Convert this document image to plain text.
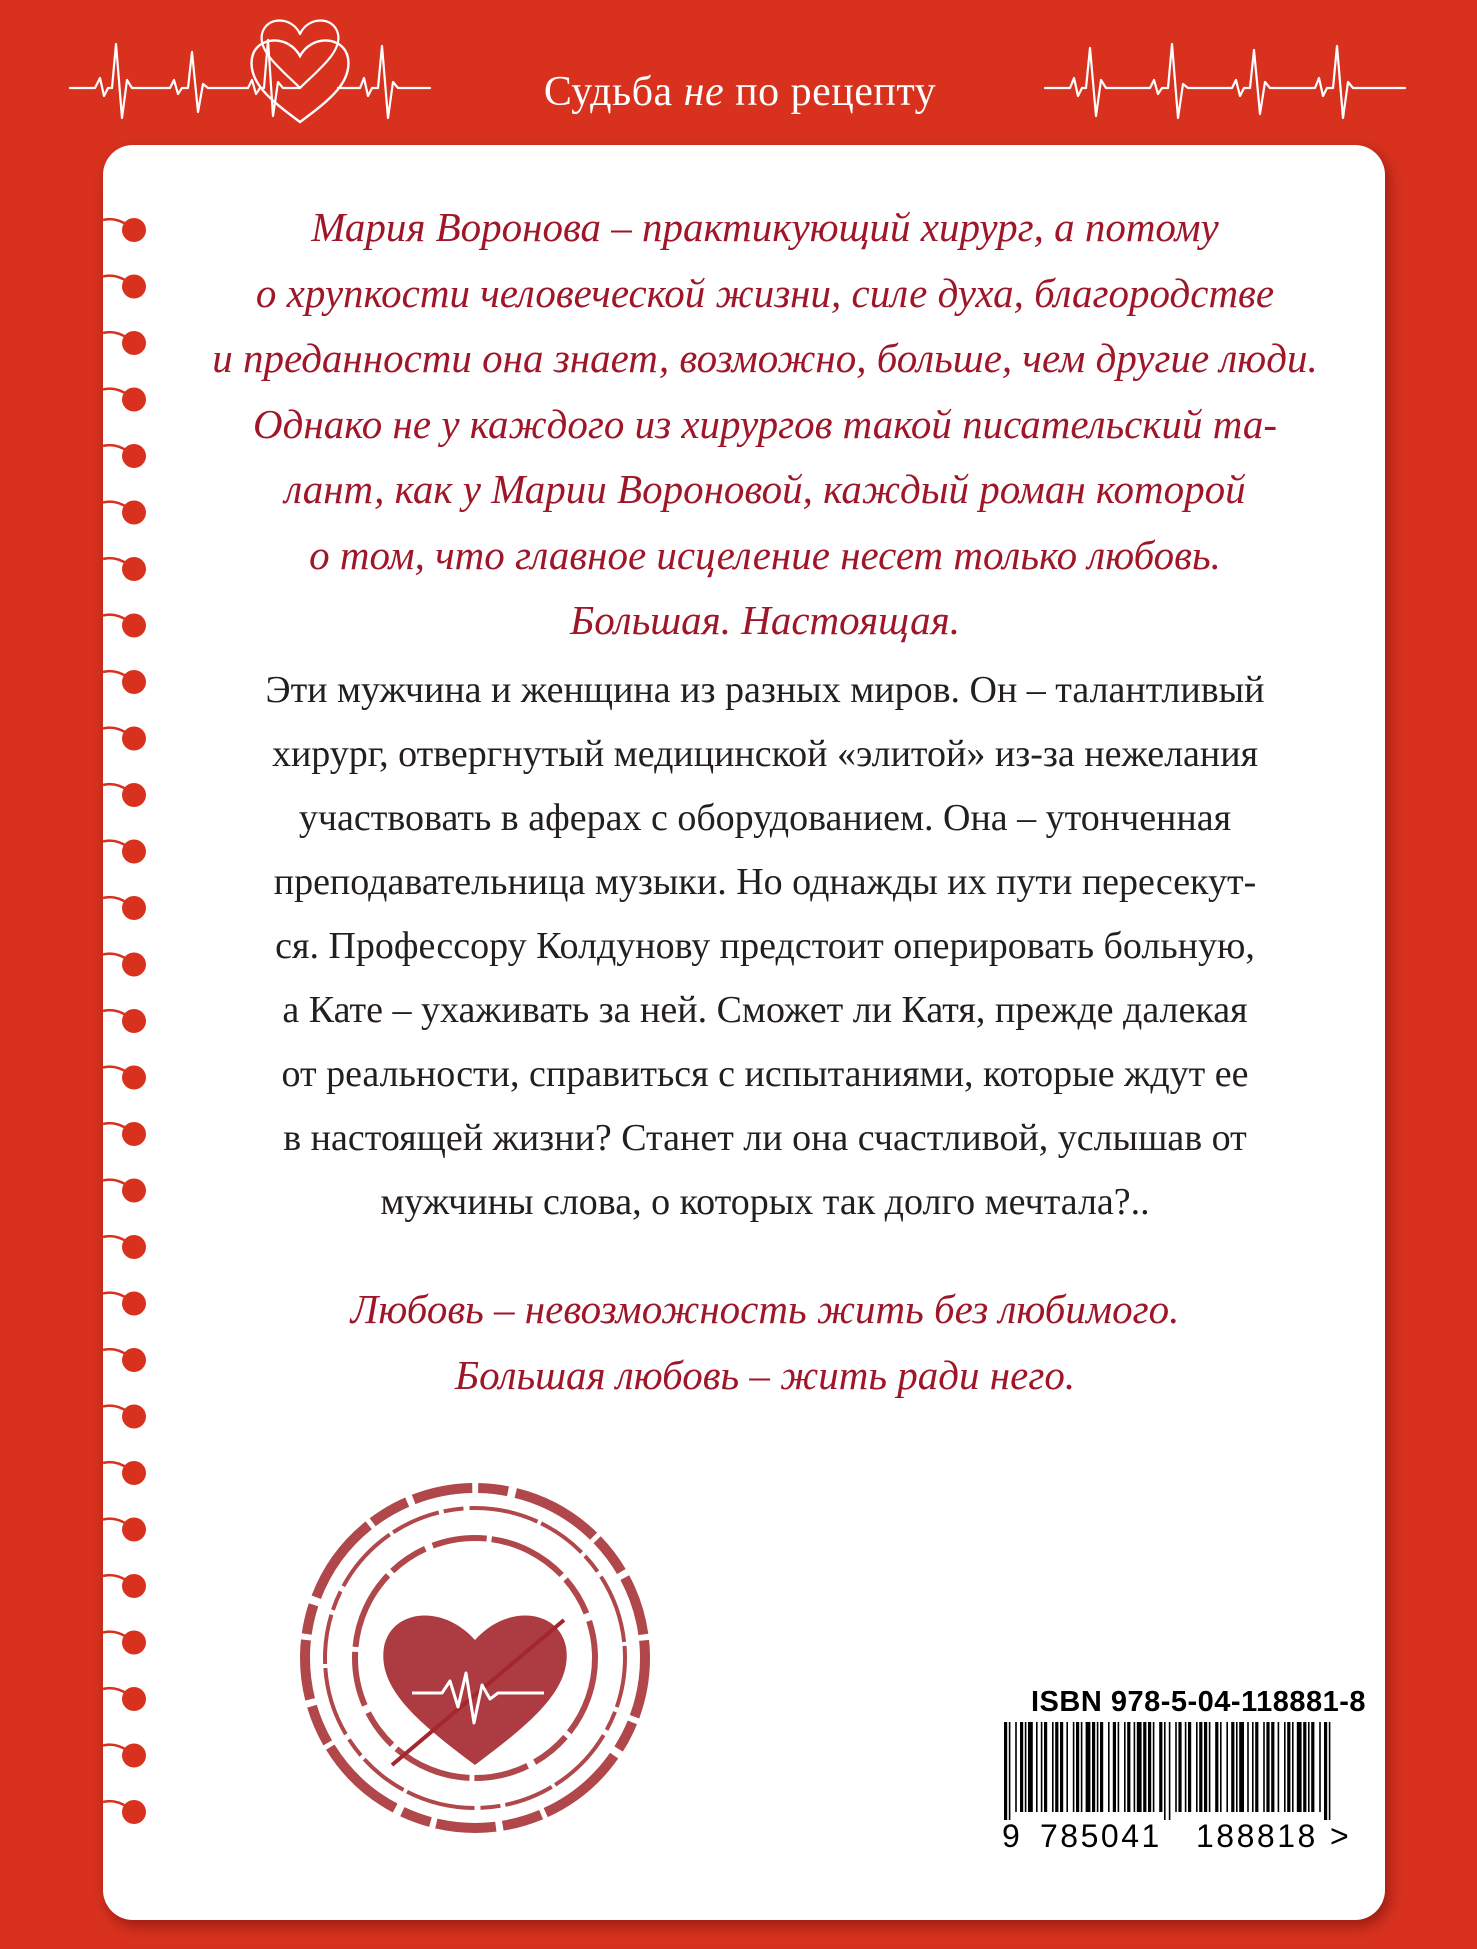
Судьба не по рецепту
Мария Воронова – практикующий хирург, а потому
о хрупкости человеческой жизни, силе духа, благородстве
и преданности она знает, возможно, больше, чем другие люди.
Однако не у каждого из хирургов такой писательский та-
лант, как у Марии Вороновой, каждый роман которой
о том, что главное исцеление несет только любовь.
Большая. Настоящая.
Эти мужчина и женщина из разных миров. Он – талантливый
хирург, отвергнутый медицинской «элитой» из-за нежелания
участвовать в аферах с оборудованием. Она – утонченная
преподавательница музыки. Но однажды их пути пересекут-
ся. Профессору Колдунову предстоит оперировать больную,
а Кате – ухаживать за ней. Сможет ли Катя, прежде далекая
от реальности, справиться с испытаниями, которые ждут ее
в настоящей жизни? Станет ли она счастливой, услышав от
мужчины слова, о которых так долго мечтала?..
Любовь – невозможность жить без любимого.
Большая любовь – жить ради него.
ISBN 978-5-04-118881-8
9 785041 188818 >
